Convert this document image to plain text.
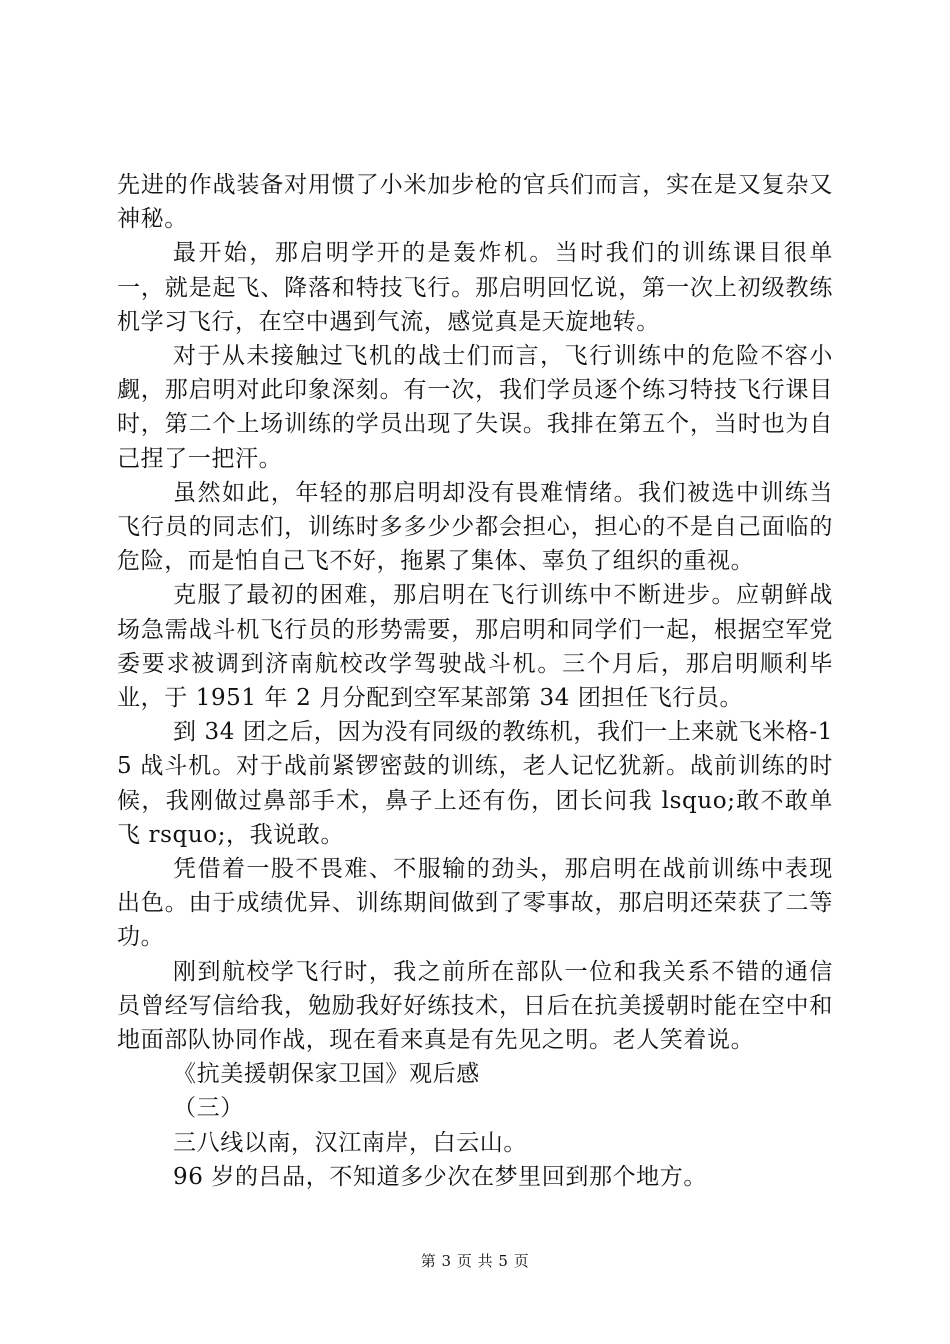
先进的作战装备对用惯了小米加步枪的官兵们而言，实在是又复杂又神秘。

最开始，那启明学开的是轰炸机。当时我们的训练课目很单一，就是起飞、降落和特技飞行。那启明回忆说，第一次上初级教练机学习飞行，在空中遇到气流，感觉真是天旋地转。

对于从未接触过飞机的战士们而言，飞行训练中的危险不容小觑，那启明对此印象深刻。有一次，我们学员逐个练习特技飞行课目时，第二个上场训练的学员出现了失误。我排在第五个，当时也为自己捏了一把汗。

虽然如此，年轻的那启明却没有畏难情绪。我们被选中训练当飞行员的同志们，训练时多多少少都会担心，担心的不是自己面临的危险，而是怕自己飞不好，拖累了集体、辜负了组织的重视。

克服了最初的困难，那启明在飞行训练中不断进步。应朝鲜战场急需战斗机飞行员的形势需要，那启明和同学们一起，根据空军党委要求被调到济南航校改学驾驶战斗机。三个月后，那启明顺利毕业，于 1951 年 2 月分配到空军某部第 34 团担任飞行员。

到 34 团之后，因为没有同级的教练机，我们一上来就飞米格-15 战斗机。对于战前紧锣密鼓的训练，老人记忆犹新。战前训练的时候，我刚做过鼻部手术，鼻子上还有伤，团长问我 lsquo;敢不敢单飞 rsquo;，我说敢。

凭借着一股不畏难、不服输的劲头，那启明在战前训练中表现出色。由于成绩优异、训练期间做到了零事故，那启明还荣获了二等功。

刚到航校学飞行时，我之前所在部队一位和我关系不错的通信员曾经写信给我，勉励我好好练技术，日后在抗美援朝时能在空中和地面部队协同作战，现在看来真是有先见之明。老人笑着说。

《抗美援朝保家卫国》观后感

（三）

三八线以南，汉江南岸，白云山。

96 岁的吕品，不知道多少次在梦里回到那个地方。

第 3 页 共 5 页
